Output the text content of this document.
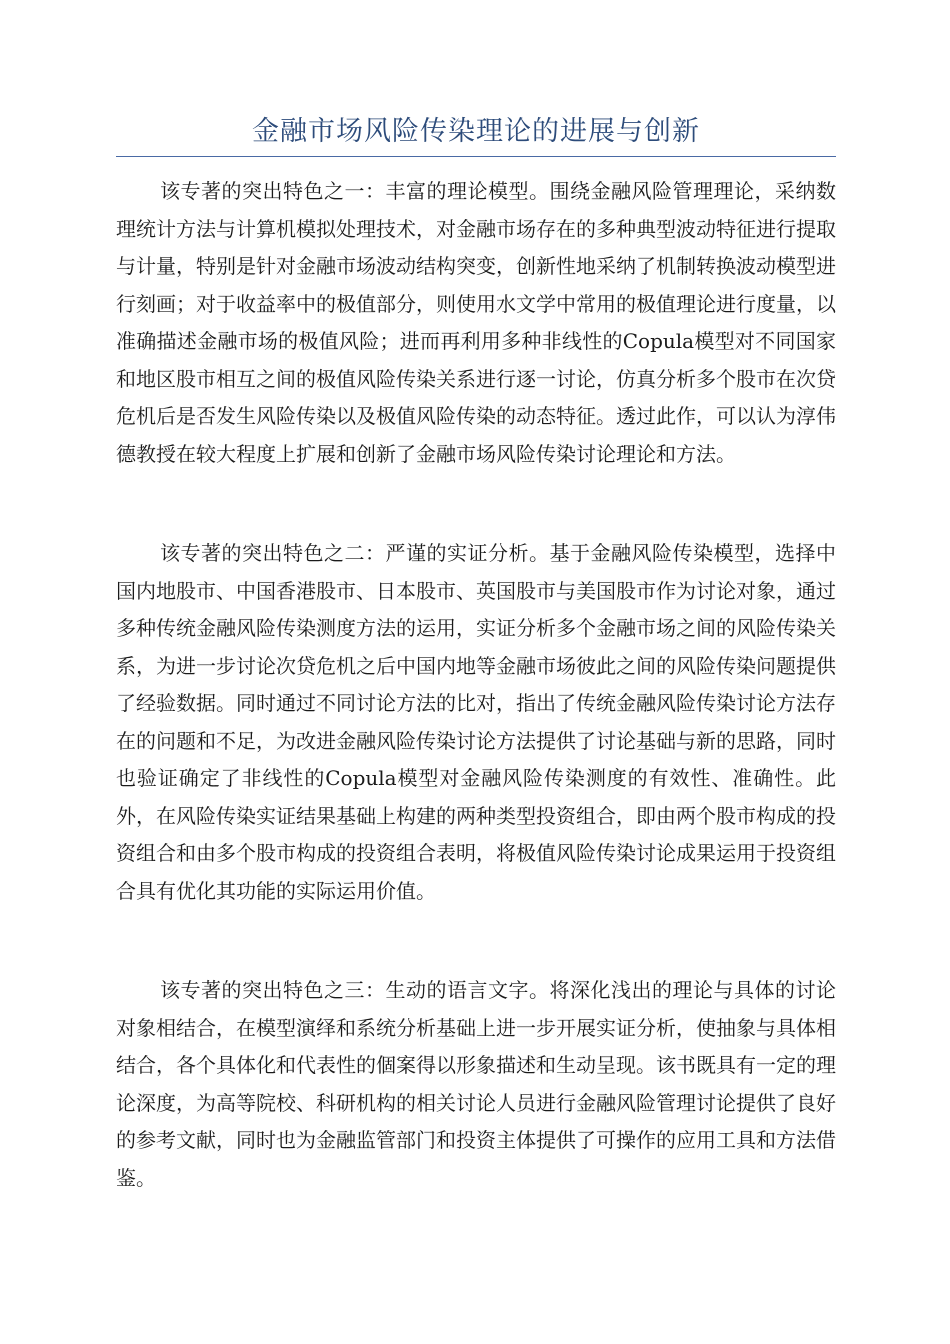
金融市场风险传染理论的进展与创新

该专著的突出特色之一：丰富的理论模型。围绕金融风险管理理论，采纳数理统计方法与计算机模拟处理技术，对金融市场存在的多种典型波动特征进行提取与计量，特别是针对金融市场波动结构突变，创新性地采纳了机制转换波动模型进行刻画；对于收益率中的极值部分，则使用水文学中常用的极值理论进行度量，以准确描述金融市场的极值风险；进而再利用多种非线性的Copula模型对不同国家和地区股市相互之间的极值风险传染关系进行逐一讨论，仿真分析多个股市在次贷危机后是否发生风险传染以及极值风险传染的动态特征。透过此作，可以认为淳伟德教授在较大程度上扩展和创新了金融市场风险传染讨论理论和方法。

该专著的突出特色之二：严谨的实证分析。基于金融风险传染模型，选择中国内地股市、中国香港股市、日本股市、英国股市与美国股市作为讨论对象，通过多种传统金融风险传染测度方法的运用，实证分析多个金融市场之间的风险传染关系，为进一步讨论次贷危机之后中国内地等金融市场彼此之间的风险传染问题提供了经验数据。同时通过不同讨论方法的比对，指出了传统金融风险传染讨论方法存在的问题和不足，为改进金融风险传染讨论方法提供了讨论基础与新的思路，同时也验证确定了非线性的Copula模型对金融风险传染测度的有效性、准确性。此外，在风险传染实证结果基础上构建的两种类型投资组合，即由两个股市构成的投资组合和由多个股市构成的投资组合表明，将极值风险传染讨论成果运用于投资组合具有优化其功能的实际运用价值。

该专著的突出特色之三：生动的语言文字。将深化浅出的理论与具体的讨论对象相结合，在模型演绎和系统分析基础上进一步开展实证分析，使抽象与具体相结合，各个具体化和代表性的個案得以形象描述和生动呈现。该书既具有一定的理论深度，为高等院校、科研机构的相关讨论人员进行金融风险管理讨论提供了良好的参考文献，同时也为金融监管部门和投资主体提供了可操作的应用工具和方法借鉴。
